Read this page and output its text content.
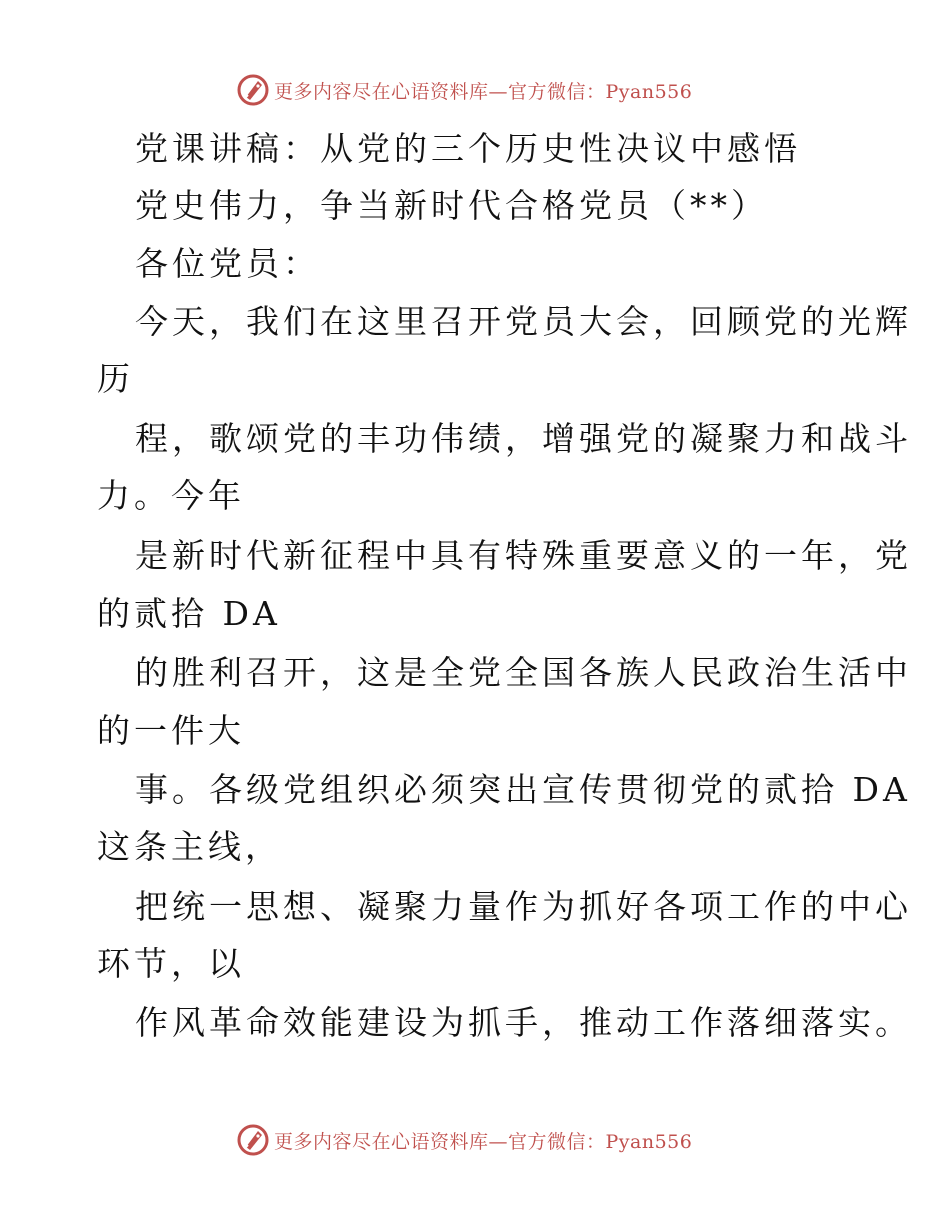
更多内容尽在心语资料库—官方微信：Pyan556
党课讲稿：从党的三个历史性决议中感悟
党史伟力，争当新时代合格党员（**）
各位党员：
今天，我们在这里召开党员大会，回顾党的光辉
历
程，歌颂党的丰功伟绩，增强党的凝聚力和战斗
力。今年
是新时代新征程中具有特殊重要意义的一年，党
的贰拾 DA
的胜利召开，这是全党全国各族人民政治生活中
的一件大
事。各级党组织必须突出宣传贯彻党的贰拾 DA
这条主线，
把统一思想、凝聚力量作为抓好各项工作的中心
环节，以
作风革命效能建设为抓手，推动工作落细落实。
更多内容尽在心语资料库—官方微信：Pyan556
